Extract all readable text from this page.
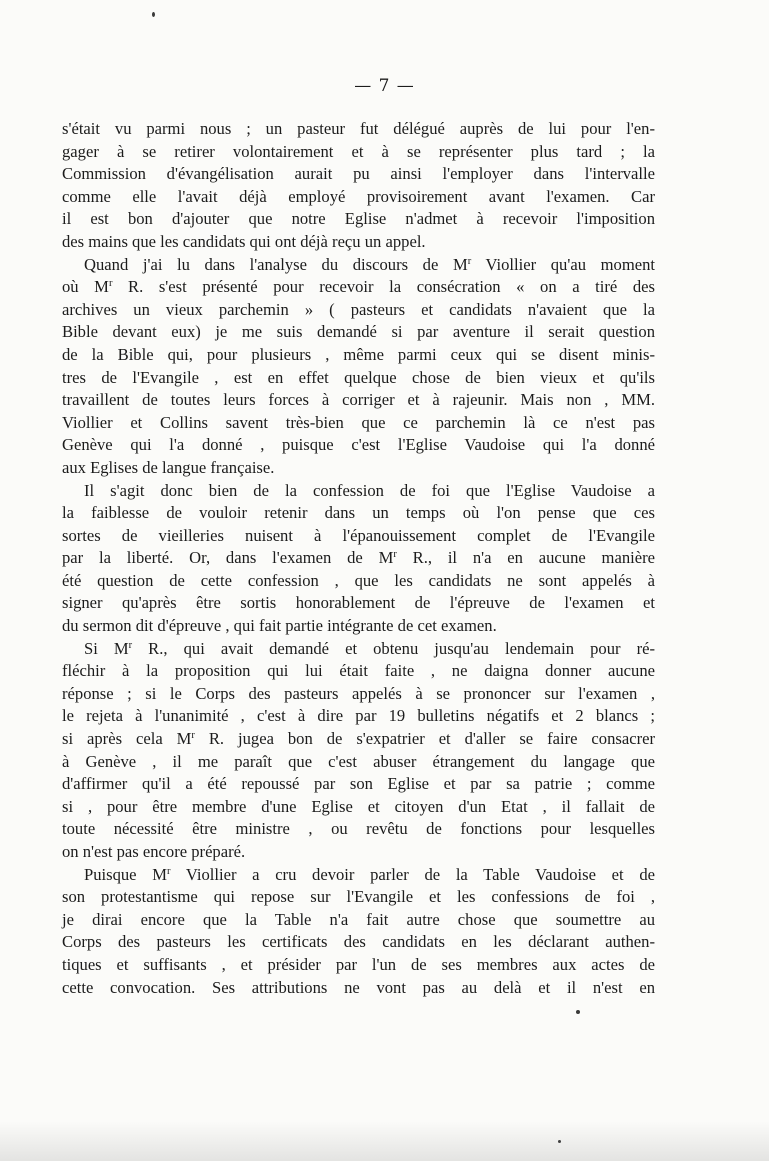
— 7 —
s'était vu parmi nous ; un pasteur fut délégué auprès de lui pour l'en-
gager à se retirer volontairement et à se représenter plus tard ; la
Commission d'évangélisation aurait pu ainsi l'employer dans l'intervalle
comme elle l'avait déjà employé provisoirement avant l'examen. Car
il est bon d'ajouter que notre Eglise n'admet à recevoir l'imposition
des mains que les candidats qui ont déjà reçu un appel.
Quand j'ai lu dans l'analyse du discours de $M^r$ Viollier qu'au moment
où $M^r$ R. s'est présenté pour recevoir la consécration « on a tiré des
archives un vieux parchemin » ( pasteurs et candidats n'avaient que la
Bible devant eux) je me suis demandé si par aventure il serait question
de la Bible qui, pour plusieurs , même parmi ceux qui se disent minis-
tres de l'Evangile , est en effet quelque chose de bien vieux et qu'ils
travaillent de toutes leurs forces à corriger et à rajeunir. Mais non , MM.
Viollier et Collins savent très-bien que ce parchemin là ce n'est pas
Genève qui l'a donné , puisque c'est l'Eglise Vaudoise qui l'a donné
aux Eglises de langue française.
Il s'agit donc bien de la confession de foi que l'Eglise Vaudoise a
la faiblesse de vouloir retenir dans un temps où l'on pense que ces
sortes de vieilleries nuisent à l'épanouissement complet de l'Evangile
par la liberté. Or, dans l'examen de $M^r$ R., il n'a en aucune manière
été question de cette confession , que les candidats ne sont appelés à
signer qu'après être sortis honorablement de l'épreuve de l'examen et
du sermon dit d'épreuve , qui fait partie intégrante de cet examen.
Si $M^r$ R., qui avait demandé et obtenu jusqu'au lendemain pour ré-
fléchir à la proposition qui lui était faite , ne daigna donner aucune
réponse ; si le Corps des pasteurs appelés à se prononcer sur l'examen ,
le rejeta à l'unanimité , c'est à dire par 19 bulletins négatifs et 2 blancs ;
si après cela $M^r$ R. jugea bon de s'expatrier et d'aller se faire consacrer
à Genève , il me paraît que c'est abuser étrangement du langage que
d'affirmer qu'il a été repoussé par son Eglise et par sa patrie ; comme
si , pour être membre d'une Eglise et citoyen d'un Etat , il fallait de
toute nécessité être ministre , ou revêtu de fonctions pour lesquelles
on n'est pas encore préparé.
Puisque $M^r$ Viollier a cru devoir parler de la Table Vaudoise et de
son protestantisme qui repose sur l'Evangile et les confessions de foi ,
je dirai encore que la Table n'a fait autre chose que soumettre au
Corps des pasteurs les certificats des candidats en les déclarant authen-
tiques et suffisants , et présider par l'un de ses membres aux actes de
cette convocation. Ses attributions ne vont pas au delà et il n'est en
